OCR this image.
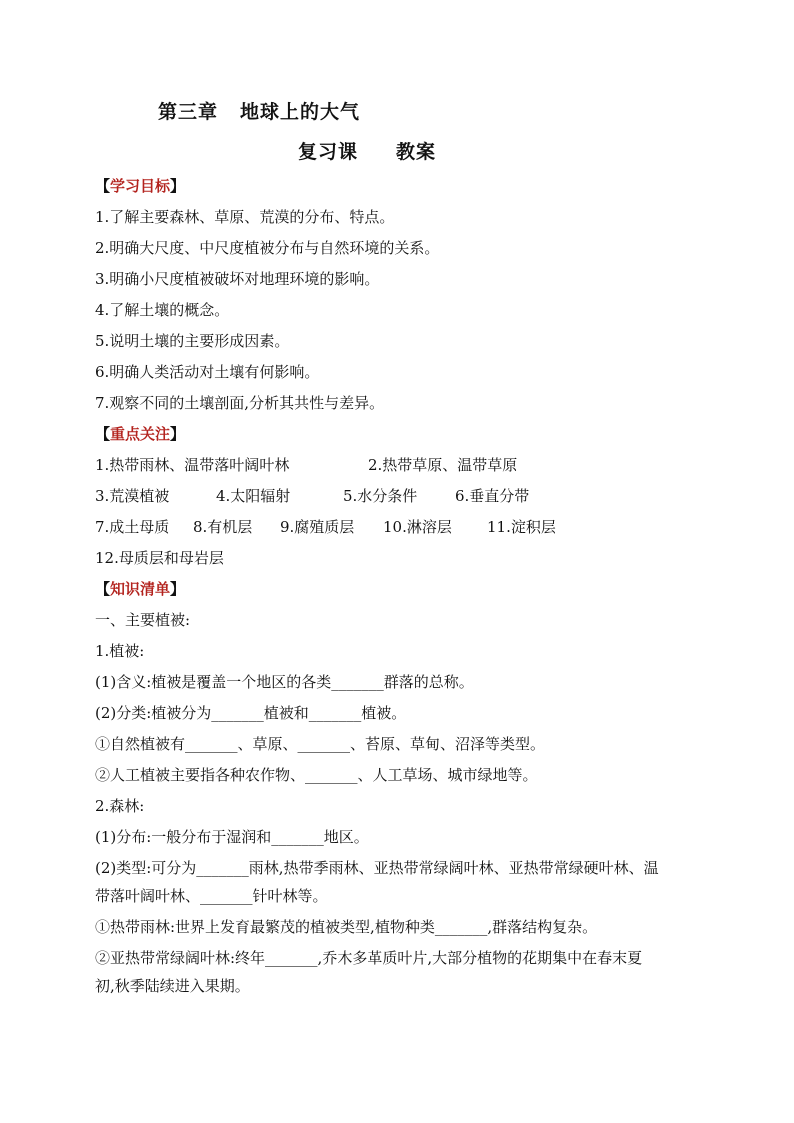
第三章 地球上的大气
复习课 教案
【学习目标】
1.了解主要森林、草原、荒漠的分布、特点。
2.明确大尺度、中尺度植被分布与自然环境的关系。
3.明确小尺度植被破坏对地理环境的影响。
4.了解土壤的概念。
5.说明土壤的主要形成因素。
6.明确人类活动对土壤有何影响。
7.观察不同的土壤剖面,分析其共性与差异。
【重点关注】
1.热带雨林、温带落叶阔叶林	2.热带草原、温带草原
3.荒漠植被	4.太阳辐射	5.水分条件	6.垂直分带
7.成土母质	8.有机层	9.腐殖质层	10.淋溶层	11.淀积层
12.母质层和母岩层
【知识清单】
一、主要植被:
1.植被:
(1)含义:植被是覆盖一个地区的各类_______群落的总称。
(2)分类:植被分为_______植被和_______植被。
①自然植被有_______、草原、_______、苔原、草甸、沼泽等类型。
②人工植被主要指各种农作物、_______、人工草场、城市绿地等。
2.森林:
(1)分布:一般分布于湿润和_______地区。
(2)类型:可分为_______雨林,热带季雨林、亚热带常绿阔叶林、亚热带常绿硬叶林、温
带落叶阔叶林、_______针叶林等。
①热带雨林:世界上发育最繁茂的植被类型,植物种类_______,群落结构复杂。
②亚热带常绿阔叶林:终年_______,乔木多革质叶片,大部分植物的花期集中在春末夏
初,秋季陆续进入果期。
